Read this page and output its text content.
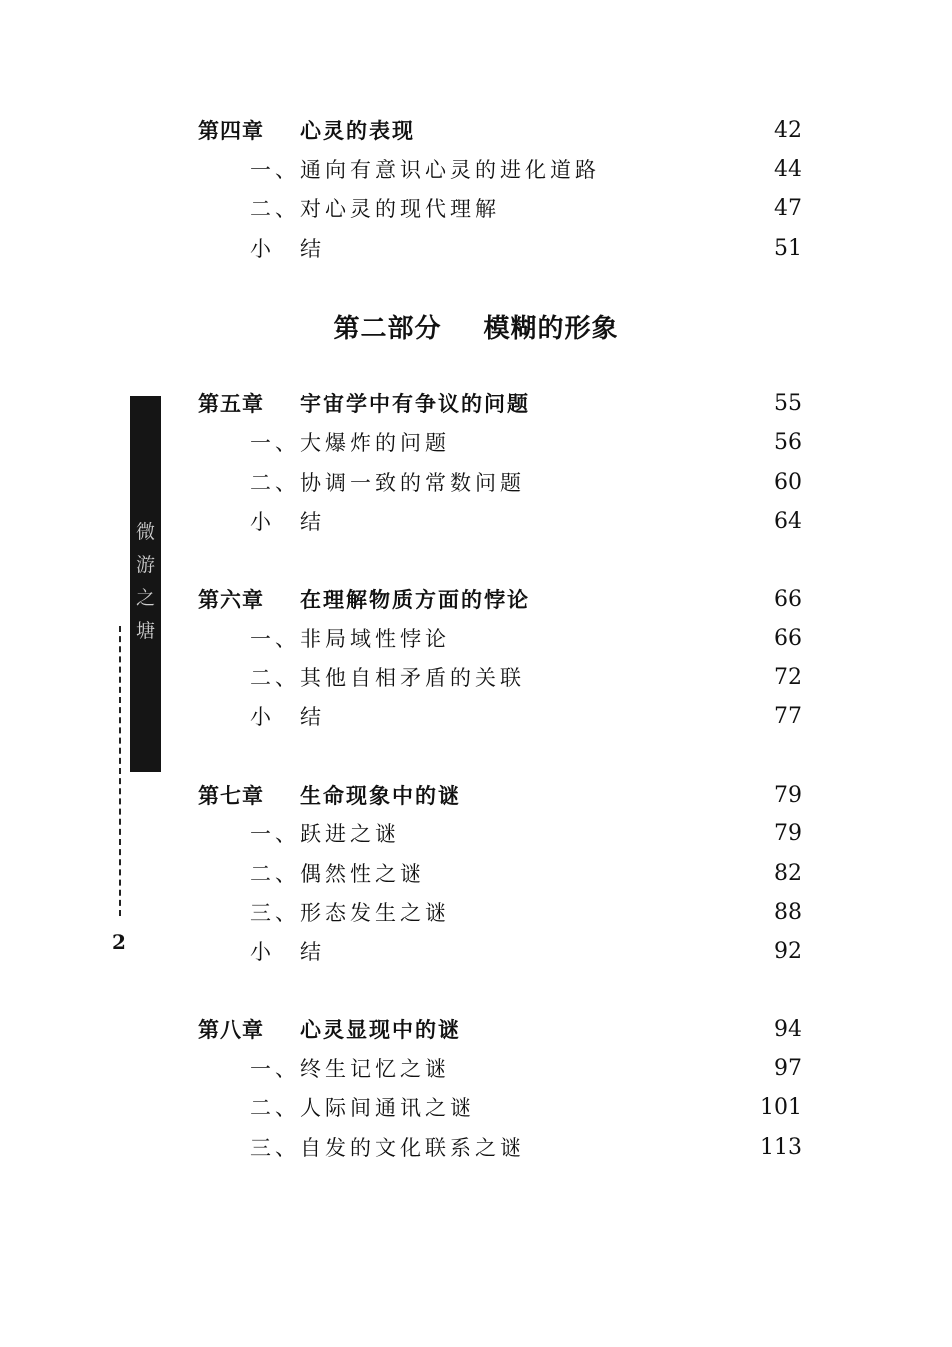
第四章 心灵的表现	42
一、通向有意识心灵的进化道路	44
二、对心灵的现代理解	47
小 结	51
第二部分 模糊的形象
第五章 宇宙学中有争议的问题	55
一、大爆炸的问题	56
二、协调一致的常数问题	60
小 结	64
第六章 在理解物质方面的悖论	66
一、非局域性悖论	66
二、其他自相矛盾的关联	72
小 结	77
第七章 生命现象中的谜	79
一、跃进之谜	79
二、偶然性之谜	82
三、形态发生之谜	88
小 结	92
第八章 心灵显现中的谜	94
一、终生记忆之谜	97
二、人际间通讯之谜	101
三、自发的文化联系之谜	113
微
游
之
塘
2
